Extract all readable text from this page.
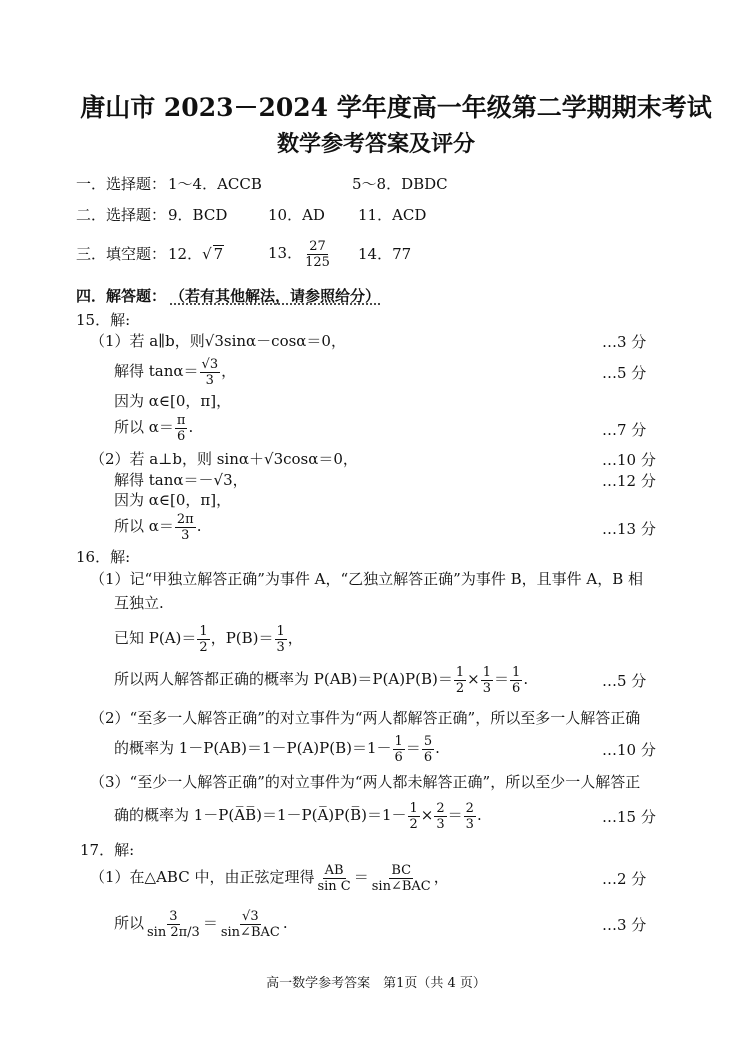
唐山市 2023－2024 学年度高一年级第二学期期末考试
数学参考答案及评分
一．选择题： 1～4．ACCB	5～8．DBDC
二．选择题： 9．BCD	10．AD 11．ACD
三．填空题： 12．√ 7	13． $\frac{27}{125} 14$．77
四．解答题： （若有其他解法，请参照给分）
15．解:
（1）若 a∥b，则√3sinα－cosα＝0，	…3 分
解得 $\tan\alpha= \frac{√3}{3}$ ，	…5 分
因为 α∈[0，π]，
所以 $\alpha= \frac{\pi}{6}$ .	…7 分
（2）若 a⊥b，则 sinα＋√3cosα＝0，	…10 分
解得 tanα＝－√3，	…12 分
因为 α∈[0，π]，
所以 $\alpha= \frac{2\pi}{3}$ .	…13 分
16．解:
（1）记“甲独立解答正确”为事件 A，“乙独立解答正确”为事件 B，且事件 A，B 相
互独立.
已知 $P(A)= \frac{1}{2}$ ，$P(B)= \frac{1}{3}$ ，
所以两人解答都正确的概率为 $P(AB)=P(A)P(B)= \frac{1}{2} \times \frac{1}{3} = \frac{1}{6}$ .	…5 分
（2）“至多一人解答正确”的对立事件为“两人都解答正确”，所以至多一人解答正确
的概率为 $1-P(AB)=1-P(A)P(B)=1- \frac{1}{6} = \frac{5}{6}$ .	…10 分
（3）“至少一人解答正确”的对立事件为“两人都未解答正确”，所以至少一人解答正
确的概率为 1－P(A̅B̅)＝1－P(A̅)P(B̅)＝1－ $\frac{1}{2} \times \frac{2}{3} = \frac{2}{3}$ .	…15 分
17．解:
（1）在△ABC 中，由正弦定理得 $\frac{AB}{\text{sin C}} = \frac{BC}{\text{sin∠BAC}}$ ，	…2 分
所以 $\frac{3}{\sin 2\pi/3} = \frac{√3}{\text{sin∠BAC}}$ .	…3 分
高一数学参考答案　第1页（共 4 页）
